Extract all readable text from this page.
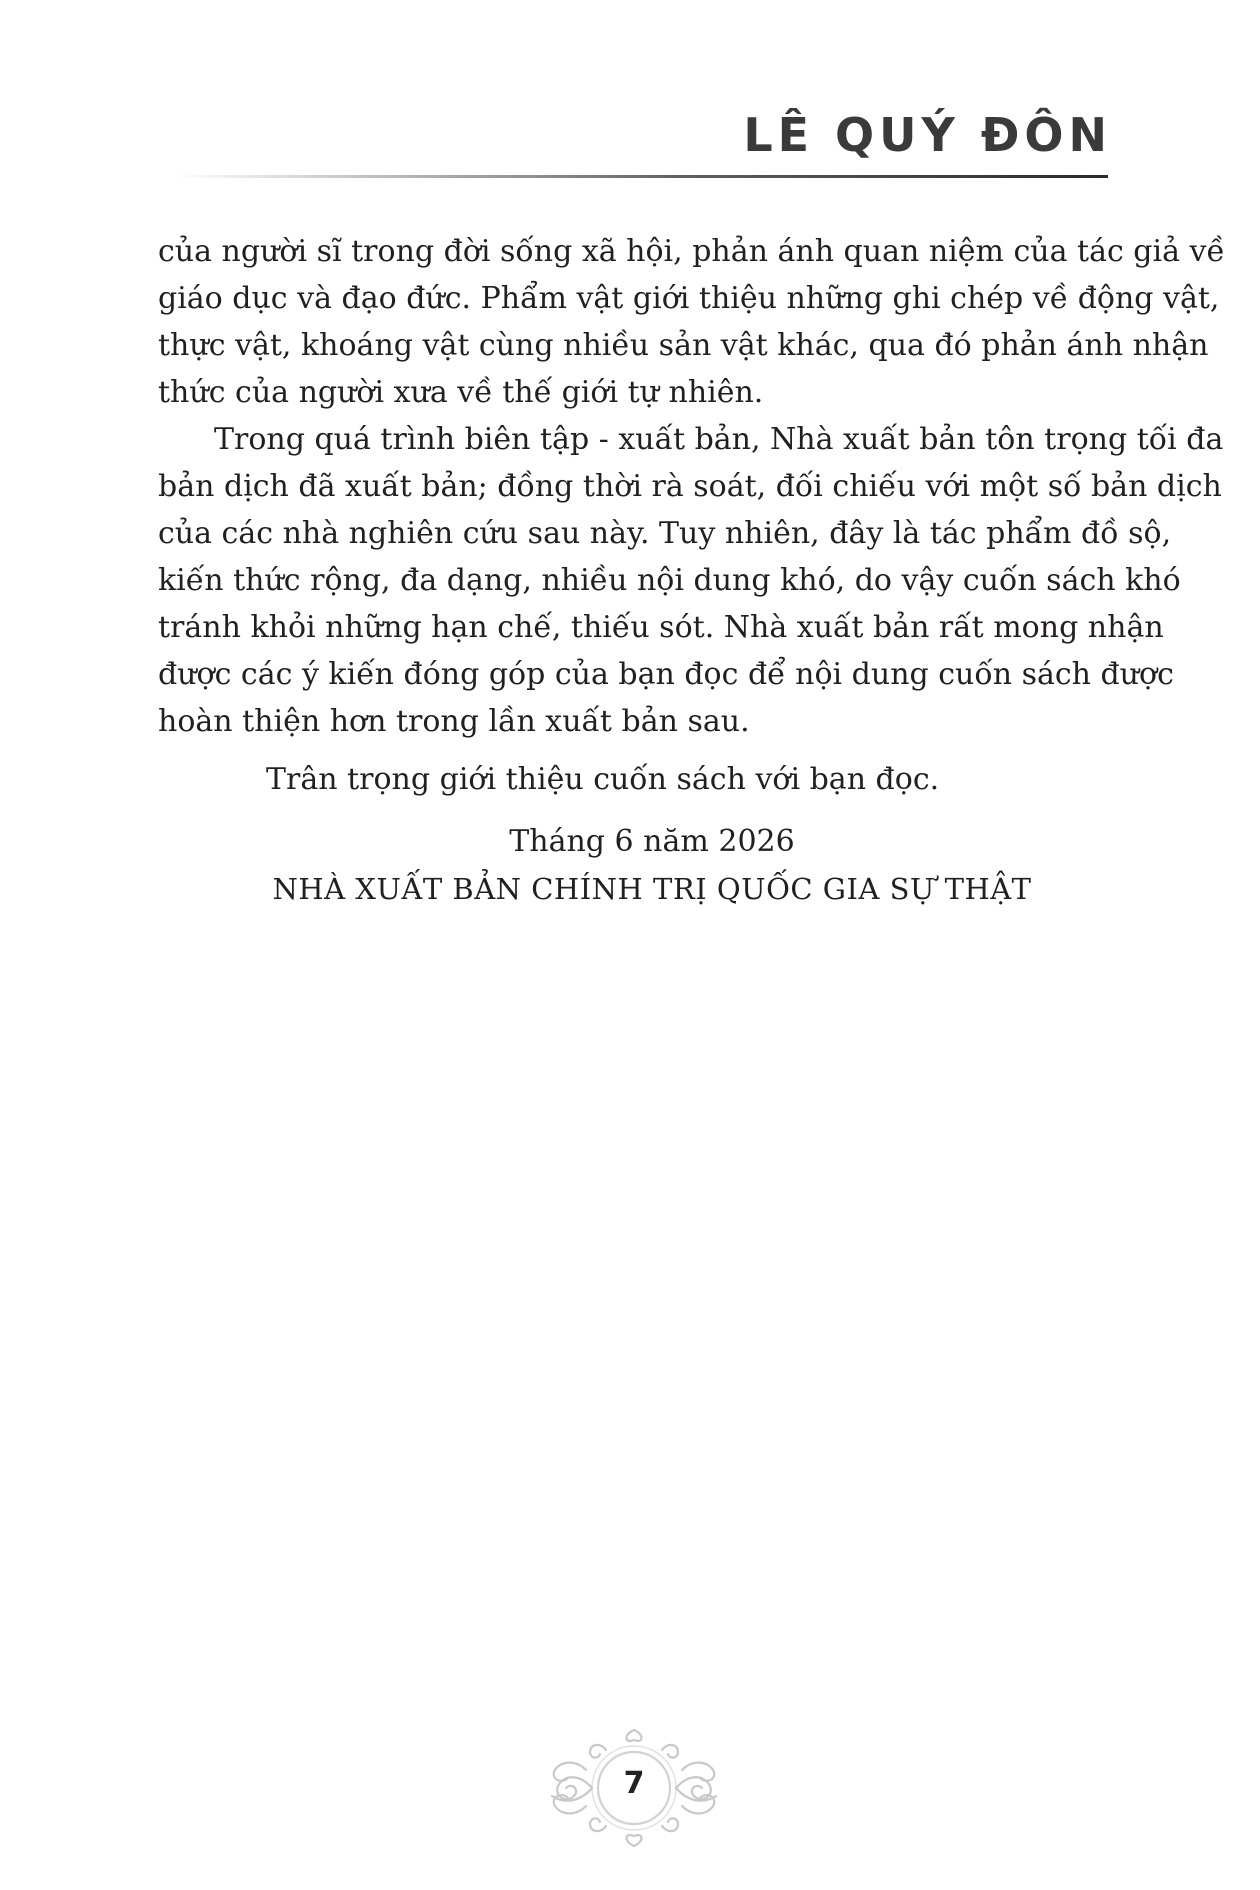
LÊ QUÝ ĐÔN
của người sĩ trong đời sống xã hội, phản ánh quan niệm của tác giả về
giáo dục và đạo đức. Phẩm vật giới thiệu những ghi chép về động vật,
thực vật, khoáng vật cùng nhiều sản vật khác, qua đó phản ánh nhận
thức của người xưa về thế giới tự nhiên.
Trong quá trình biên tập - xuất bản, Nhà xuất bản tôn trọng tối đa
bản dịch đã xuất bản; đồng thời rà soát, đối chiếu với một số bản dịch
của các nhà nghiên cứu sau này. Tuy nhiên, đây là tác phẩm đồ sộ,
kiến thức rộng, đa dạng, nhiều nội dung khó, do vậy cuốn sách khó
tránh khỏi những hạn chế, thiếu sót. Nhà xuất bản rất mong nhận
được các ý kiến đóng góp của bạn đọc để nội dung cuốn sách được
hoàn thiện hơn trong lần xuất bản sau.
Trân trọng giới thiệu cuốn sách với bạn đọc.
Tháng 6 năm 2026
NHÀ XUẤT BẢN CHÍNH TRỊ QUỐC GIA SỰ THẬT
7
